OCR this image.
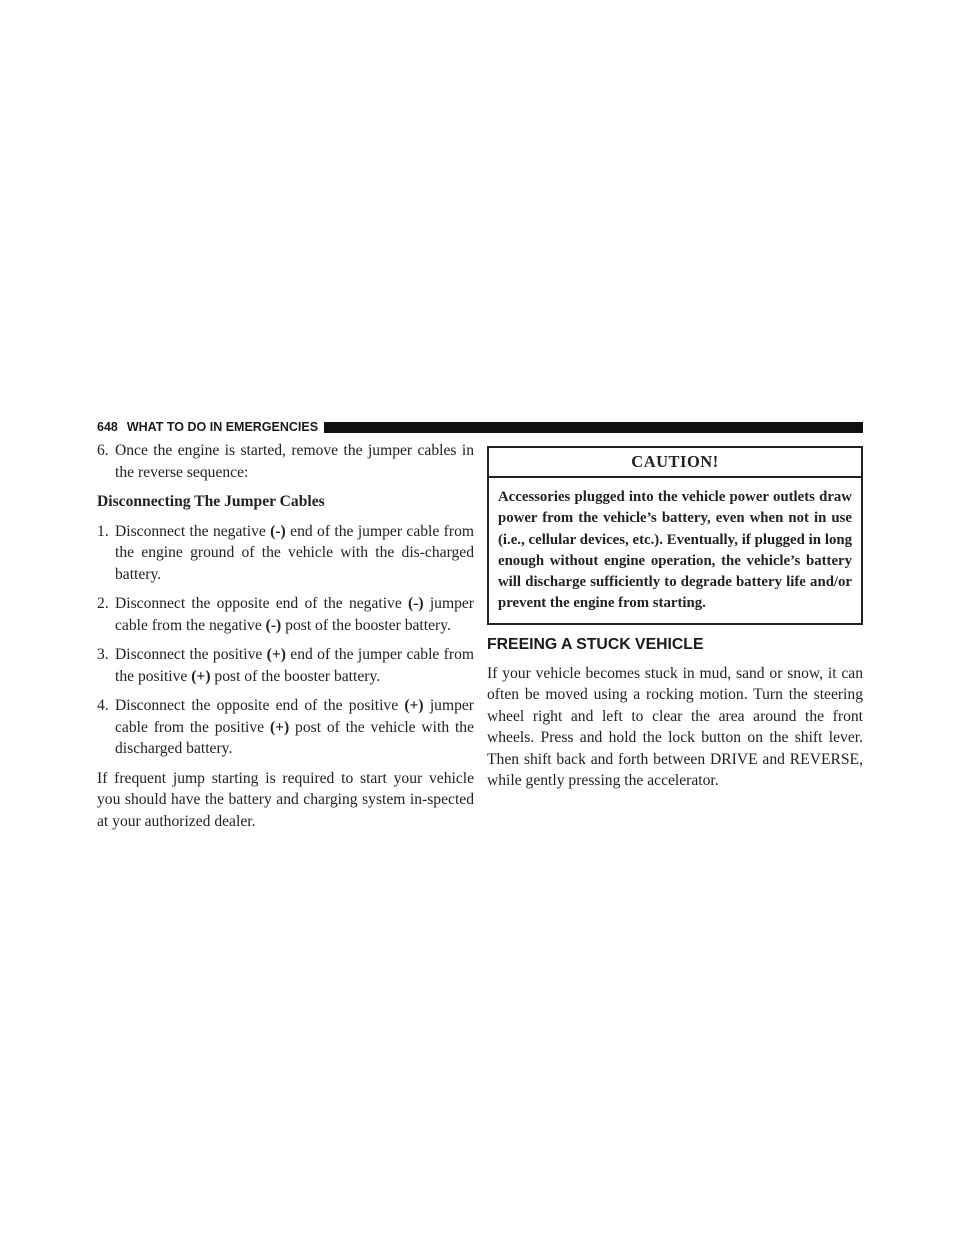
648 WHAT TO DO IN EMERGENCIES
6. Once the engine is started, remove the jumper cables in the reverse sequence:

Disconnecting The Jumper Cables

1. Disconnect the negative (-) end of the jumper cable from the engine ground of the vehicle with the dis-charged battery.
2. Disconnect the opposite end of the negative (-) jumper cable from the negative (-) post of the booster battery.
3. Disconnect the positive (+) end of the jumper cable from the positive (+) post of the booster battery.
4. Disconnect the opposite end of the positive (+) jumper cable from the positive (+) post of the vehicle with the discharged battery.

If frequent jump starting is required to start your vehicle you should have the battery and charging system in-spected at your authorized dealer.

CAUTION!
Accessories plugged into the vehicle power outlets draw power from the vehicle’s battery, even when not in use (i.e., cellular devices, etc.). Eventually, if plugged in long enough without engine operation, the vehicle’s battery will discharge sufficiently to degrade battery life and/or prevent the engine from starting.
FREEING A STUCK VEHICLE

If your vehicle becomes stuck in mud, sand or snow, it can often be moved using a rocking motion. Turn the steering wheel right and left to clear the area around the front wheels. Press and hold the lock button on the shift lever. Then shift back and forth between DRIVE and REVERSE, while gently pressing the accelerator.
